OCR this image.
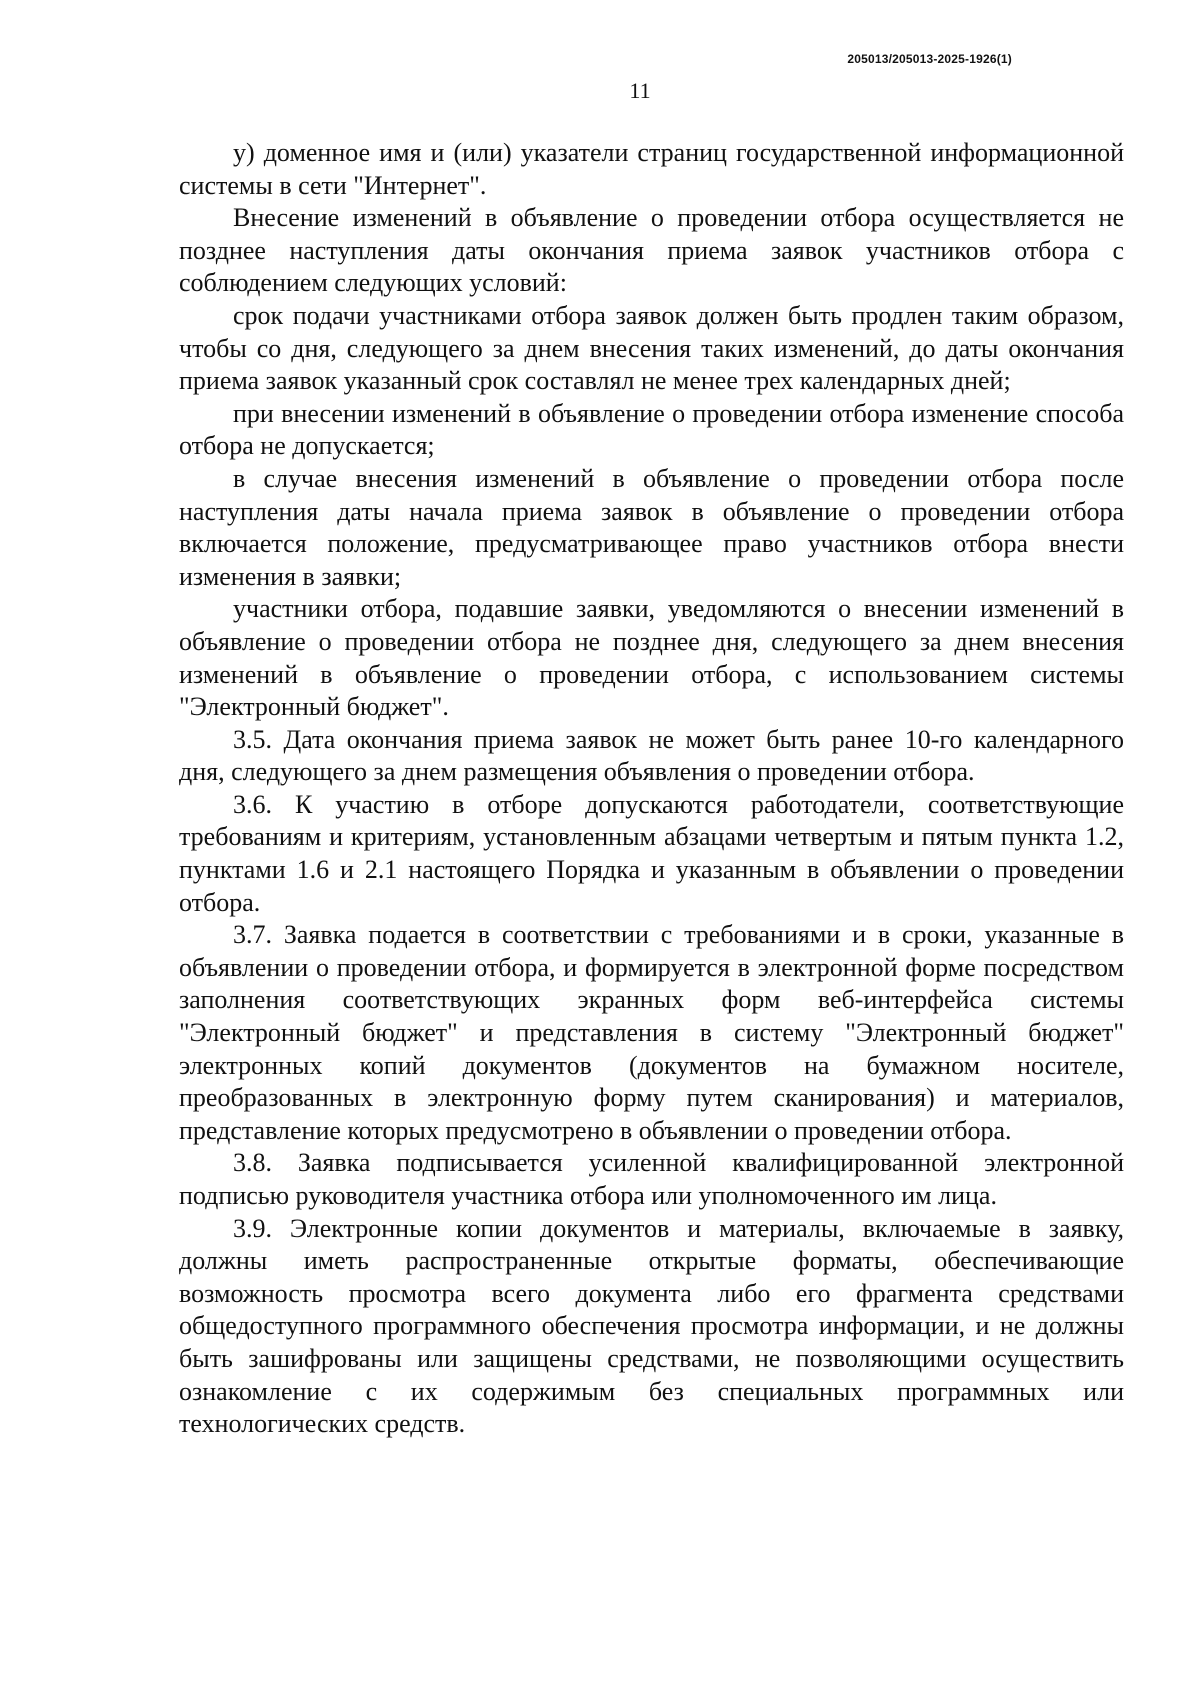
205013/205013-2025-1926(1)
11

у) доменное имя и (или) указатели страниц государственной информационной системы в сети "Интернет".

Внесение изменений в объявление о проведении отбора осуществляется не позднее наступления даты окончания приема заявок участников отбора с соблюдением следующих условий:

срок подачи участниками отбора заявок должен быть продлен таким образом, чтобы со дня, следующего за днем внесения таких изменений, до даты окончания приема заявок указанный срок составлял не менее трех календарных дней;

при внесении изменений в объявление о проведении отбора изменение способа отбора не допускается;

в случае внесения изменений в объявление о проведении отбора после наступления даты начала приема заявок в объявление о проведении отбора включается положение, предусматривающее право участников отбора внести изменения в заявки;

участники отбора, подавшие заявки, уведомляются о внесении изменений в объявление о проведении отбора не позднее дня, следующего за днем внесения изменений в объявление о проведении отбора, с использованием системы "Электронный бюджет".

3.5. Дата окончания приема заявок не может быть ранее 10-го календарного дня, следующего за днем размещения объявления о проведении отбора.

3.6. К участию в отборе допускаются работодатели, соответствующие требованиям и критериям, установленным абзацами четвертым и пятым пункта 1.2, пунктами 1.6 и 2.1 настоящего Порядка и указанным в объявлении о проведении отбора.

3.7. Заявка подается в соответствии с требованиями и в сроки, указанные в объявлении о проведении отбора, и формируется в электронной форме посредством заполнения соответствующих экранных форм веб-интерфейса системы "Электронный бюджет" и представления в систему "Электронный бюджет" электронных копий документов (документов на бумажном носителе, преобразованных в электронную форму путем сканирования) и материалов, представление которых предусмотрено в объявлении о проведении отбора.

3.8. Заявка подписывается усиленной квалифицированной электронной подписью руководителя участника отбора или уполномоченного им лица.

3.9. Электронные копии документов и материалы, включаемые в заявку, должны иметь распространенные открытые форматы, обеспечивающие возможность просмотра всего документа либо его фрагмента средствами общедоступного программного обеспечения просмотра информации, и не должны быть зашифрованы или защищены средствами, не позволяющими осуществить ознакомление с их содержимым без специальных программных или технологических средств.
